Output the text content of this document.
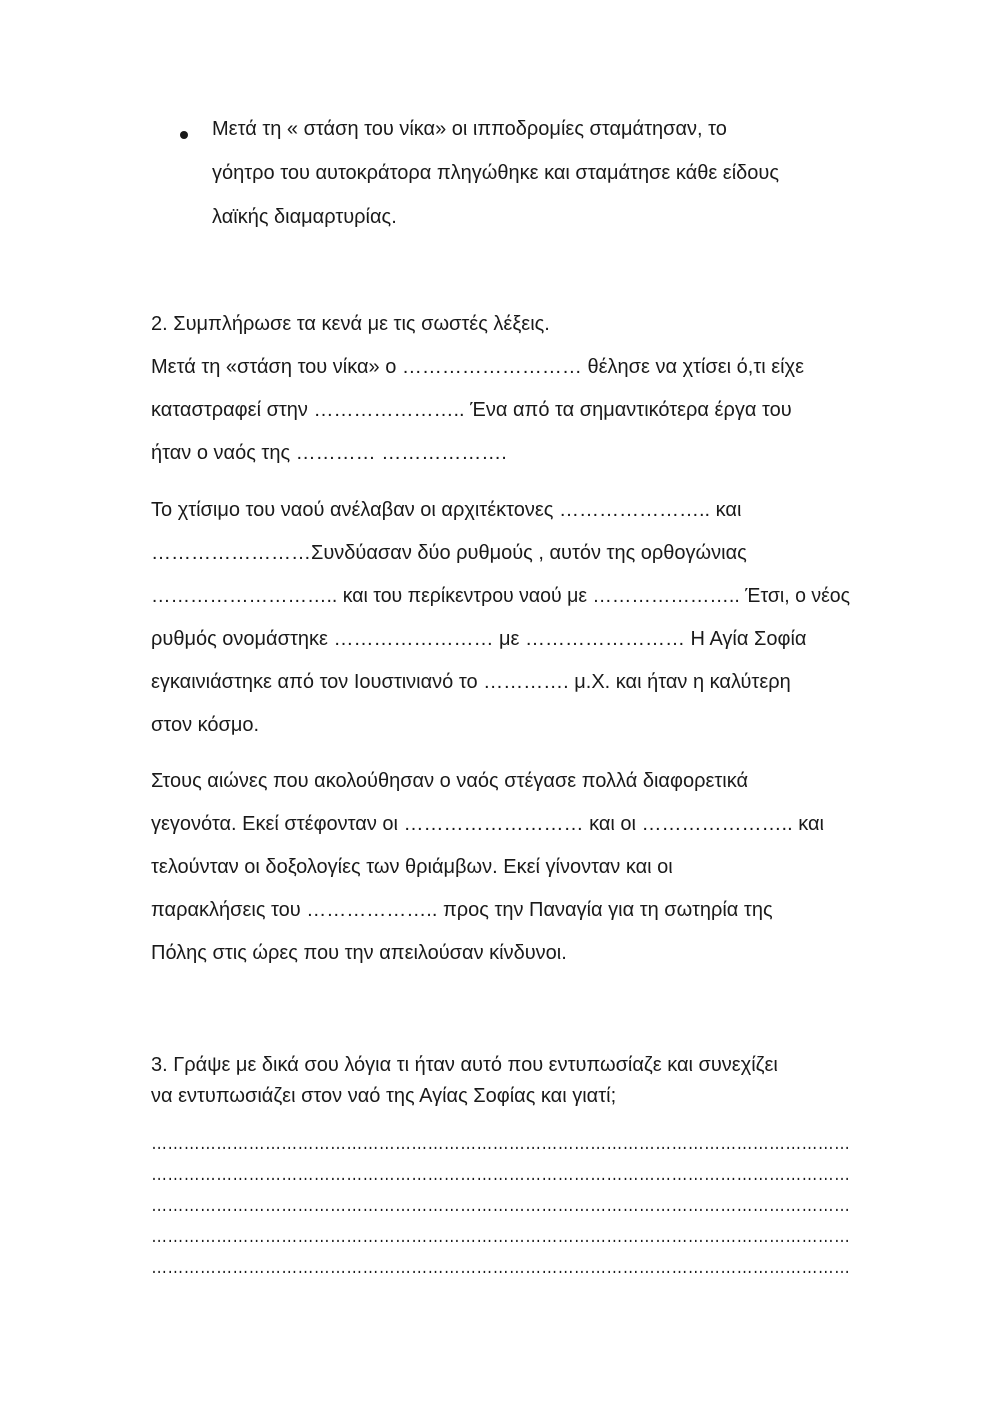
Μετά τη « στάση του νίκα» οι ιπποδρομίες σταμάτησαν, το
γόητρο του αυτοκράτορα πληγώθηκε και σταμάτησε κάθε είδους
λαϊκής διαμαρτυρίας.
2. Συμπλήρωσε τα κενά με τις σωστές λέξεις.
Μετά τη «στάση του νίκα» ο ……………………… θέλησε να χτίσει ό,τι είχε
καταστραφεί στην ………………….. Ένα από τα σημαντικότερα έργα του
ήταν ο ναός της ………… ……………….
Το χτίσιμο του ναού ανέλαβαν οι αρχιτέκτονες ………………….. και
……………………Συνδύασαν δύο ρυθμούς , αυτόν της ορθογώνιας
……………………….. και του περίκεντρου ναού με ………………….. Έτσι, ο νέος
ρυθμός ονομάστηκε …………………… με …………………… Η Αγία Σοφία
εγκαινιάστηκε από τον Ιουστινιανό το …………. μ.Χ. και ήταν η καλύτερη
στον κόσμο.
Στους αιώνες που ακολούθησαν ο ναός στέγασε πολλά διαφορετικά
γεγονότα. Εκεί στέφονταν οι ……………………… και οι ………………….. και
τελούνταν οι δοξολογίες των θριάμβων. Εκεί γίνονταν και οι
παρακλήσεις του ……………….. προς την Παναγία για τη σωτηρία της
Πόλης στις ώρες που την απειλούσαν κίνδυνοι.
3. Γράψε με δικά σου λόγια τι ήταν αυτό που εντυπωσίαζε και συνεχίζει
να εντυπωσιάζει στον ναό της Αγίας Σοφίας και γιατί;
…………………………………………………………………………………………………………………
…………………………………………………………………………………………………………………
…………………………………………………………………………………………………………………
…………………………………………………………………………………………………………………
…………………………………………………………………………………………………………………
